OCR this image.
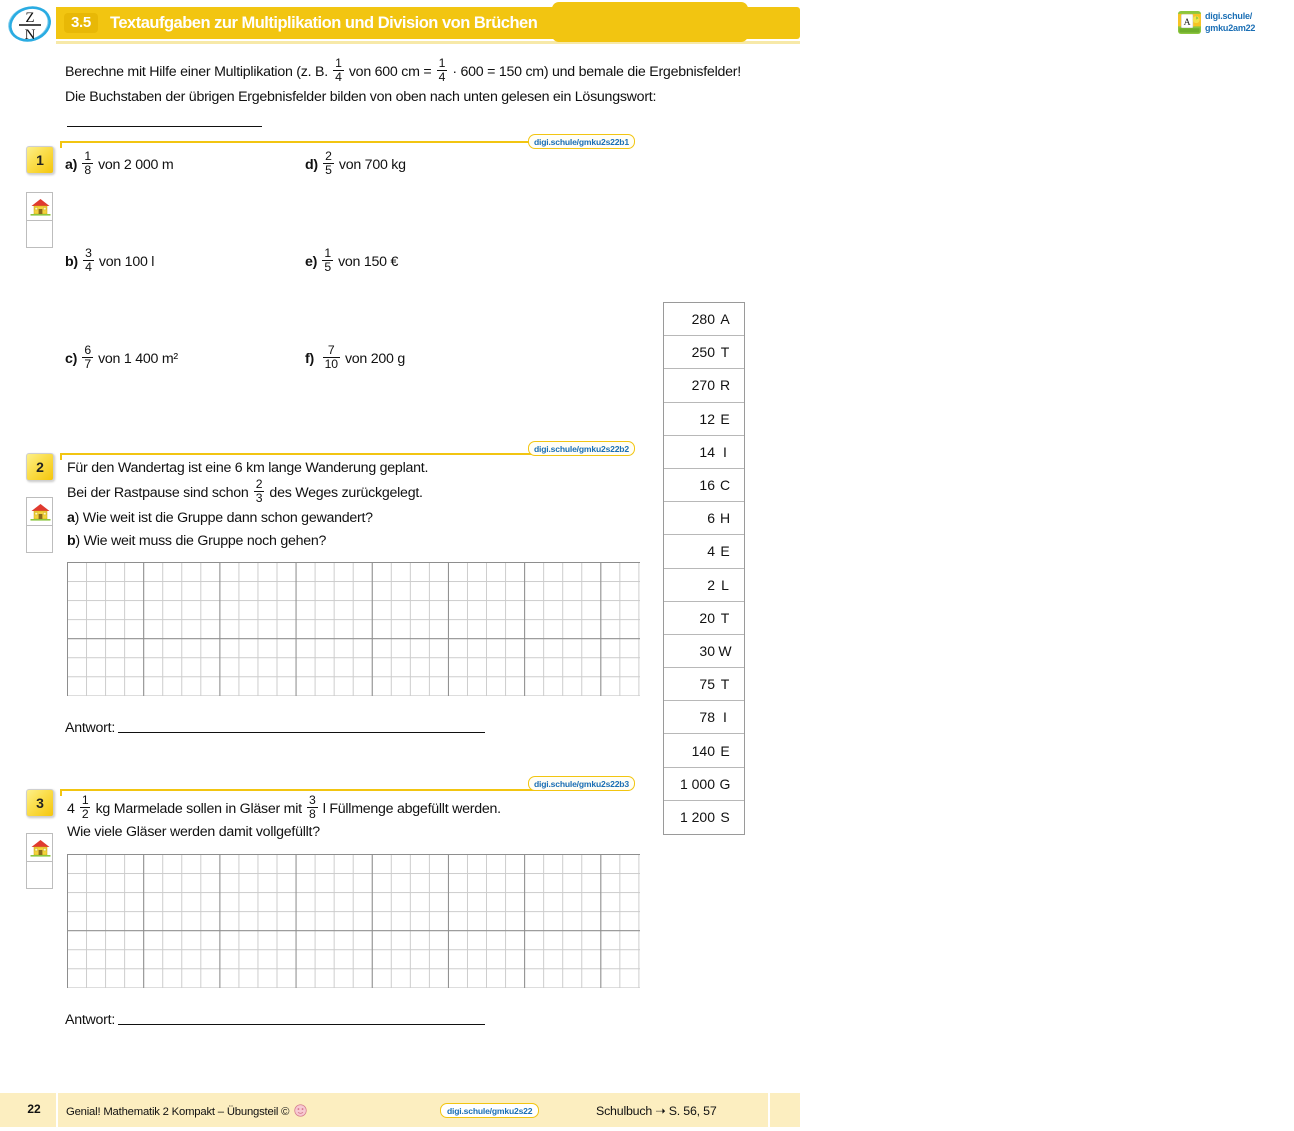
Z
N
3.5	Textaufgaben zur Multiplikation und Division von Brüchen	online –
Beispiele
A
digi.schule/
gmku2am22
Berechne mit Hilfe einer Multiplikation (z. B. $\frac{1}{4}$ von 600 cm = $\frac{1}{4} \cdot 600 = 150$ cm) und bemale die Ergebnisfelder! Die Buchstaben der übrigen Ergebnisfelder bilden von oben nach unten gelesen ein Lösungswort:
digi.schule/gmku2s22b1
1	$a) \frac{1}{8}$ von 2 000 m	$d) \frac{2}{5}$ von 700 kg
$b) \frac{3}{4}$ von 100 l	$e) \frac{1}{5}$ von 150 €
$c) \frac{6}{7}$ von 1 400 m²	$f) \frac{7}{10}$ von 200 g
280 A
250 T
270 R
12 E
14 I
16 C
6 H
4 E
2 L
20 T
30 W
75 T
78 I
140 E
1 000 G
1 200 S
digi.schule/gmku2s22b2
2	Für den Wandertag ist eine 6 km lange Wanderung geplant.
Bei der Rastpause sind schon $\frac{2}{3}$ des Weges zurückgelegt.
a) Wie weit ist die Gruppe dann schon gewandert?
b) Wie weit muss die Gruppe noch gehen?
Antwort:
digi.schule/gmku2s22b3
3	$4 \frac{1}{2}$ kg Marmelade sollen in Gläser mit $\frac{3}{8}$ l Füllmenge abgefüllt werden.
Wie viele Gläser werden damit vollgefüllt?
Antwort:
22	Genial! Mathematik 2 Kompakt – Übungsteil ©	digi.schule/gmku2s22	Schulbuch ➝ S. 56, 57
